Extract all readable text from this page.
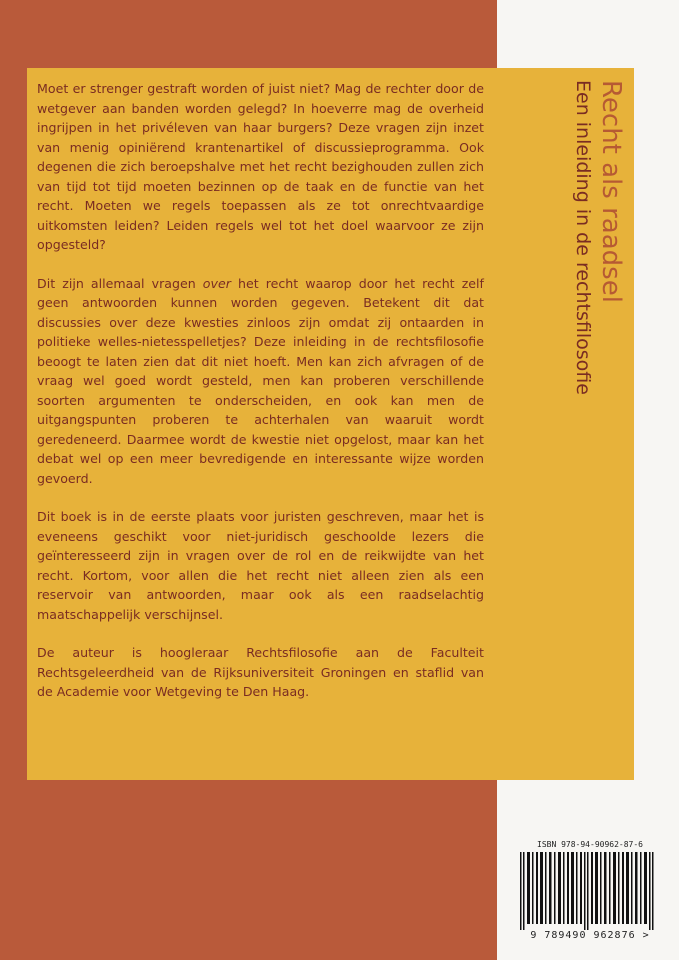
Moet er strenger gestraft worden of juist niet? Mag de rechter door de wetgever aan banden worden gelegd? In hoeverre mag de overheid ingrijpen in het privéleven van haar burgers? Deze vragen zijn inzet van menig opiniërend krantenartikel of discussieprogramma. Ook degenen die zich beroepshalve met het recht bezighouden zullen zich van tijd tot tijd moeten bezinnen op de taak en de functie van het recht. Moeten we regels toepassen als ze tot onrechtvaardige uitkomsten leiden? Leiden regels wel tot het doel waarvoor ze zijn opgesteld?

Dit zijn allemaal vragen over het recht waarop door het recht zelf geen antwoorden kunnen worden gegeven. Betekent dit dat discussies over deze kwesties zinloos zijn omdat zij ontaarden in politieke welles-nietesspelletjes? Deze inleiding in de rechtsfilosofie beoogt te laten zien dat dit niet hoeft. Men kan zich afvragen of de vraag wel goed wordt gesteld, men kan proberen verschillende soorten argumenten te onderscheiden, en ook kan men de uitgangspunten proberen te achterhalen van waaruit wordt geredeneerd. Daarmee wordt de kwestie niet opgelost, maar kan het debat wel op een meer bevredigende en interessante wijze worden gevoerd.

Dit boek is in de eerste plaats voor juristen geschreven, maar het is eveneens geschikt voor niet-juridisch geschoolde lezers die geïnteresseerd zijn in vragen over de rol en de reikwijdte van het recht. Kortom, voor allen die het recht niet alleen zien als een reservoir van antwoorden, maar ook als een raadselachtig maatschappelijk verschijnsel.

De auteur is hoogleraar Rechtsfilosofie aan de Faculteit Rechtsgeleerdheid van de Rijksuniversiteit Groningen en staflid van de Academie voor Wetgeving te Den Haag.

Recht als raadsel
Een inleiding in de rechtsfilosofie
ISBN 978-94-90962-87-6
9 789490 962876 >
